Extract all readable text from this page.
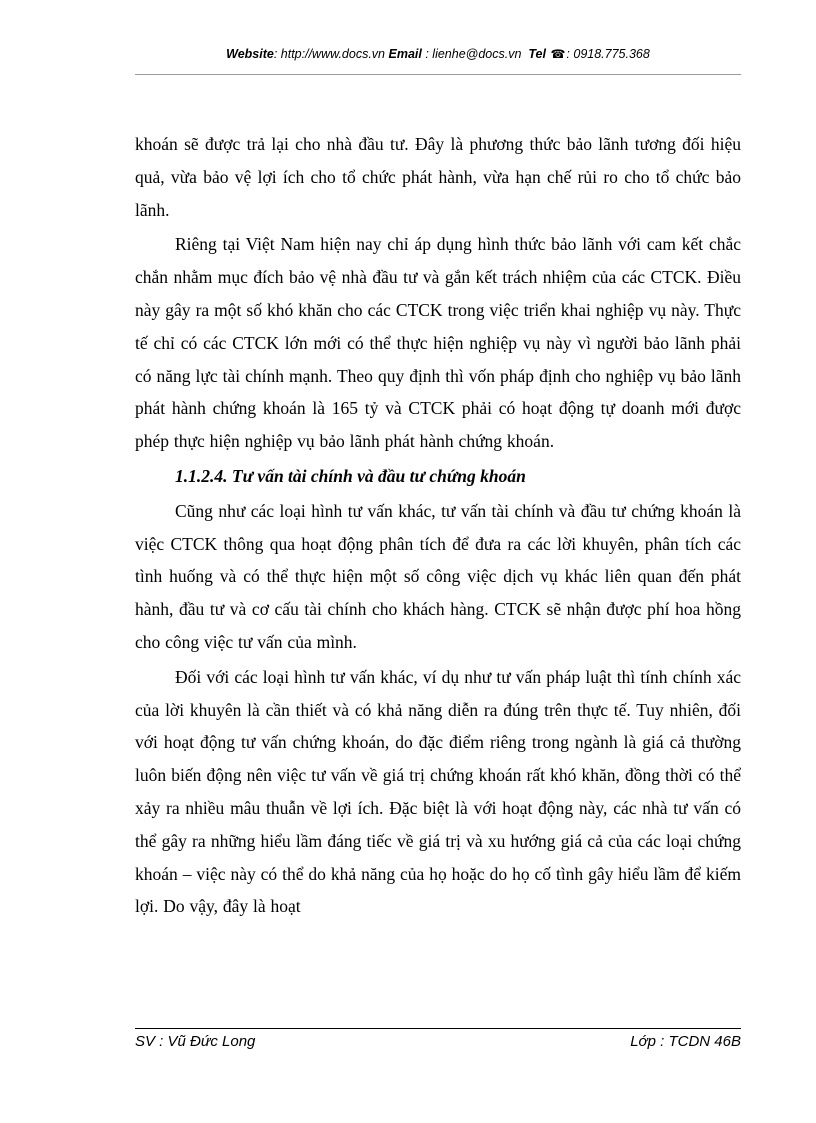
Website: http://www.docs.vn Email : lienhe@docs.vn Tel ☎: 0918.775.368

khoán sẽ được trả lại cho nhà đầu tư. Đây là phương thức bảo lãnh tương đối hiệu quả, vừa bảo vệ lợi ích cho tổ chức phát hành, vừa hạn chế rủi ro cho tổ chức bảo lãnh.

Riêng tại Việt Nam hiện nay chỉ áp dụng hình thức bảo lãnh với cam kết chắc chắn nhằm mục đích bảo vệ nhà đầu tư và gắn kết trách nhiệm của các CTCK. Điều này gây ra một số khó khăn cho các CTCK trong việc triển khai nghiệp vụ này. Thực tế chỉ có các CTCK lớn mới có thể thực hiện nghiệp vụ này vì người bảo lãnh phải có năng lực tài chính mạnh. Theo quy định thì vốn pháp định cho nghiệp vụ bảo lãnh phát hành chứng khoán là 165 tỷ và CTCK phải có hoạt động tự doanh mới được phép thực hiện nghiệp vụ bảo lãnh phát hành chứng khoán.

1.1.2.4. Tư vấn tài chính và đầu tư chứng khoán

Cũng như các loại hình tư vấn khác, tư vấn tài chính và đầu tư chứng khoán là việc CTCK thông qua hoạt động phân tích để đưa ra các lời khuyên, phân tích các tình huống và có thể thực hiện một số công việc dịch vụ khác liên quan đến phát hành, đầu tư và cơ cấu tài chính cho khách hàng. CTCK sẽ nhận được phí hoa hồng cho công việc tư vấn của mình.

Đối với các loại hình tư vấn khác, ví dụ như tư vấn pháp luật thì tính chính xác của lời khuyên là cần thiết và có khả năng diễn ra đúng trên thực tế. Tuy nhiên, đối với hoạt động tư vấn chứng khoán, do đặc điểm riêng trong ngành là giá cả thường luôn biến động nên việc tư vấn về giá trị chứng khoán rất khó khăn, đồng thời có thể xảy ra nhiều mâu thuẫn về lợi ích. Đặc biệt là với hoạt động này, các nhà tư vấn có thể gây ra những hiểu lầm đáng tiếc về giá trị và xu hướng giá cả của các loại chứng khoán – việc này có thể do khả năng của họ hoặc do họ cố tình gây hiểu lầm để kiếm lợi. Do vậy, đây là hoạt

SV : Vũ Đức Long	Lớp : TCDN 46B
